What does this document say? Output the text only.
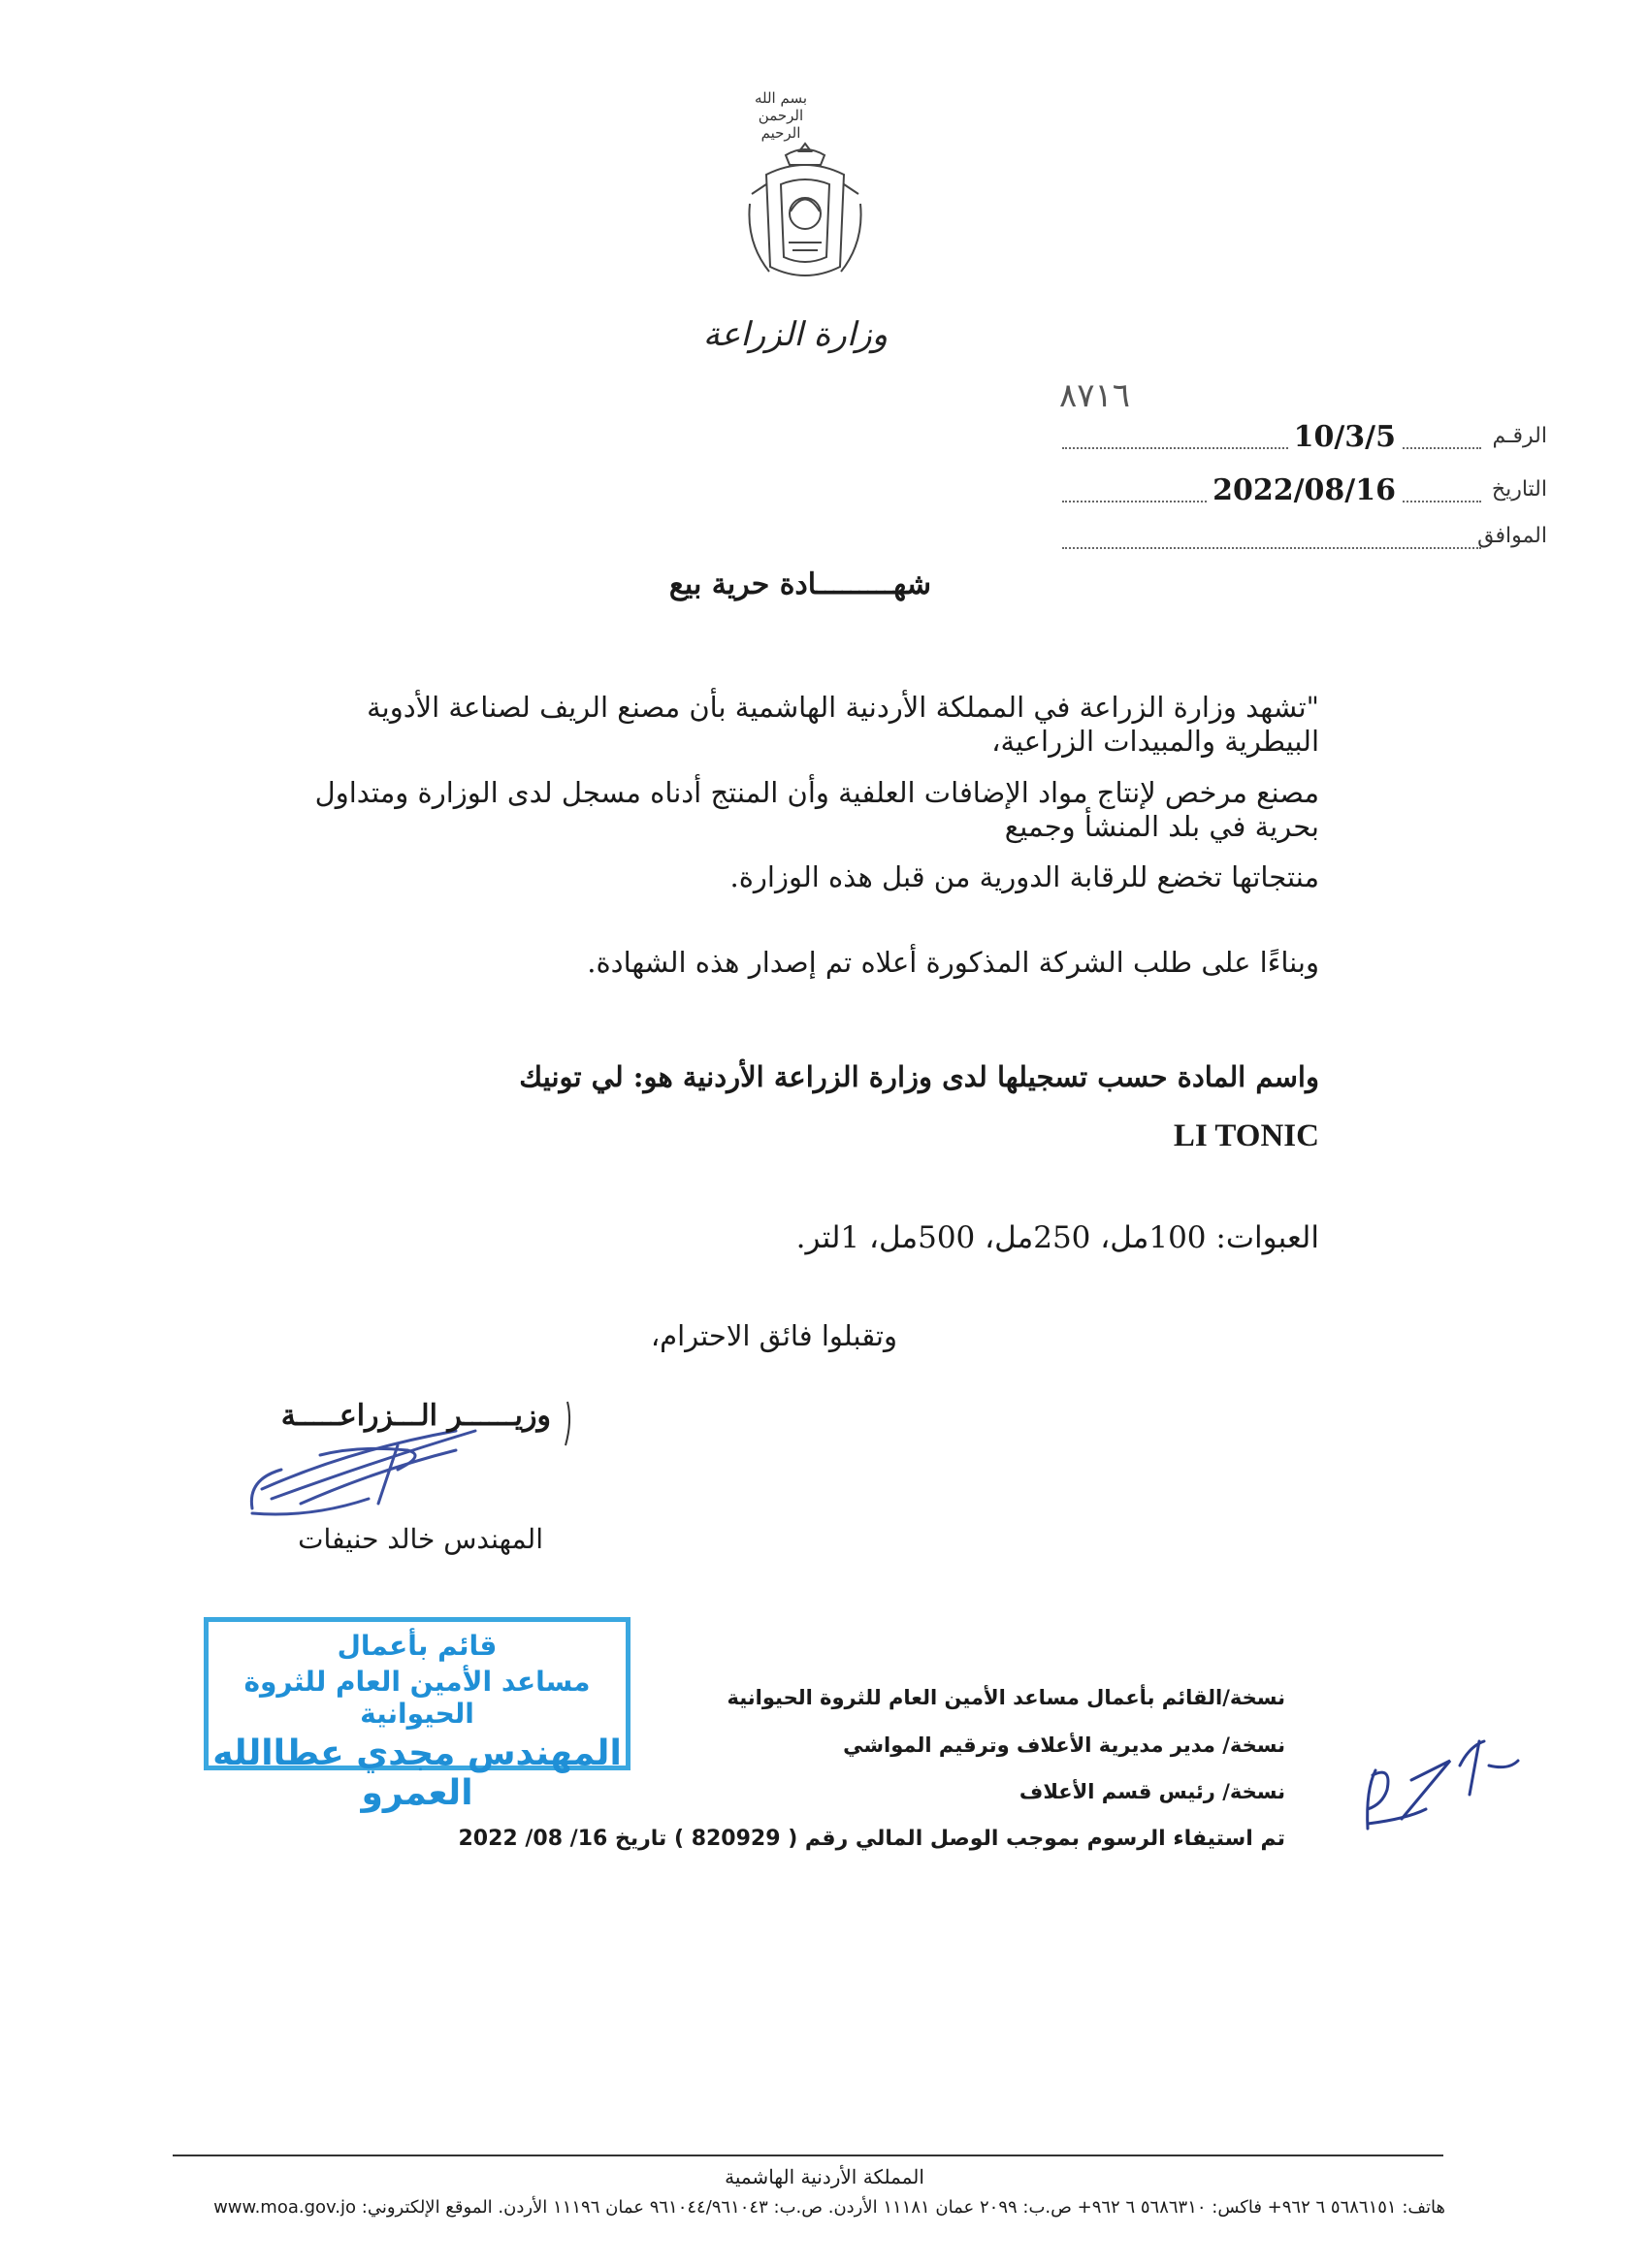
بسم الله الرحمن الرحيم
وزارة الزراعة
٨٧١٦
الرقـم
10/3/5
التاريخ
2022/08/16
الموافق
شهـــــــــادة حرية بيع
"تشهد وزارة الزراعة في المملكة الأردنية الهاشمية بأن مصنع الريف لصناعة الأدوية البيطرية والمبيدات الزراعية،
مصنع مرخص لإنتاج مواد الإضافات العلفية وأن المنتج أدناه مسجل لدى الوزارة ومتداول بحرية في بلد المنشأ وجميع
منتجاتها تخضع للرقابة الدورية من قبل هذه الوزارة.
وبناءًا على طلب الشركة المذكورة أعلاه تم إصدار هذه الشهادة.
واسم المادة حسب تسجيلها لدى وزارة الزراعة الأردنية هو: لي تونيك
LI TONIC
العبوات: 100مل، 250مل، 500مل، 1لتر.
وتقبلوا فائق الاحترام،
وزيــــــر الـــزراعـــــة
المهندس خالد حنيفات
قائم بأعمال
مساعد الأمين العام للثروة الحيوانية
المهندس مجدي عطاالله العمرو
نسخة/القائم بأعمال مساعد الأمين العام للثروة الحيوانية
نسخة/ مدير مديرية الأعلاف وترقيم المواشي
نسخة/ رئيس قسم الأعلاف
تم استيفاء الرسوم بموجب الوصل المالي رقم ( 820929 ) تاريخ 16/ 08/ 2022
المملكة الأردنية الهاشمية
هاتف: ٥٦٨٦١٥١ ٦ ٩٦٢+ فاكس: ٥٦٨٦٣١٠ ٦ ٩٦٢+ ص.ب: ٢٠٩٩ عمان ١١١٨١ الأردن. ص.ب: ٩٦١٠٤٤/٩٦١٠٤٣ عمان ١١١٩٦ الأردن. الموقع الإلكتروني: www.moa.gov.jo
